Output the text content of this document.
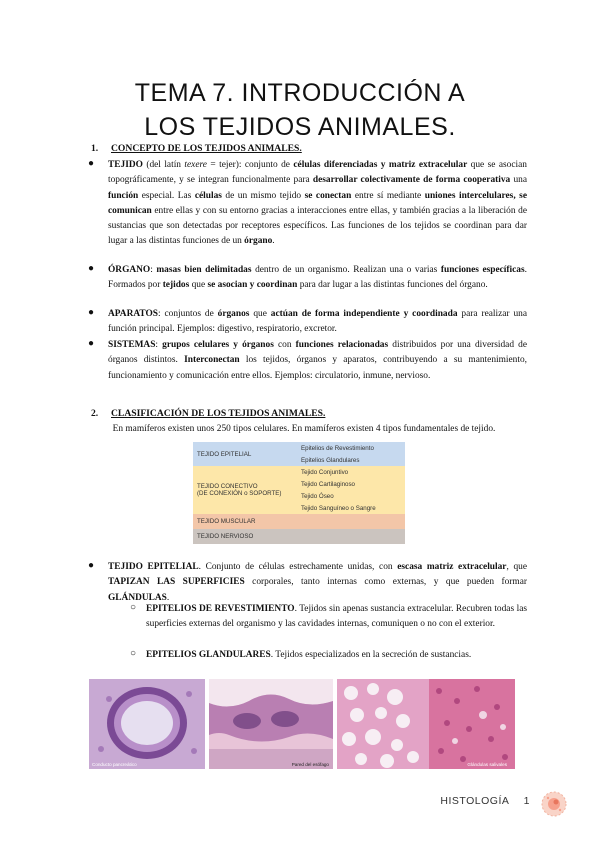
TEMA 7. INTRODUCCIÓN A
LOS TEJIDOS ANIMALES.
1. CONCEPTO DE LOS TEJIDOS ANIMALES.
● TEJIDO (del latín texere = tejer): conjunto de células diferenciadas y matriz extracelular que se asocian topográficamente, y se integran funcionalmente para desarrollar colectivamente de forma cooperativa una función especial. Las células de un mismo tejido se conectan entre sí mediante uniones intercelulares, se comunican entre ellas y con su entorno gracias a interacciones entre ellas, y también gracias a la liberación de sustancias que son detectadas por receptores específicos. Las funciones de los tejidos se coordinan para dar lugar a las distintas funciones de un órgano.
● ÓRGANO: masas bien delimitadas dentro de un organismo. Realizan una o varias funciones específicas. Formados por tejidos que se asocian y coordinan para dar lugar a las distintas funciones del órgano.
● APARATOS: conjuntos de órganos que actúan de forma independiente y coordinada para realizar una función principal. Ejemplos: digestivo, respiratorio, excretor.
● SISTEMAS: grupos celulares y órganos con funciones relacionadas distribuidos por una diversidad de órganos distintos. Interconectan los tejidos, órganos y aparatos, contribuyendo a su mantenimiento, funcionamiento y comunicación entre ellos. Ejemplos: circulatorio, inmune, nervioso.
2. CLASIFICACIÓN DE LOS TEJIDOS ANIMALES.
En mamíferos existen unos 250 tipos celulares. En mamíferos existen 4 tipos fundamentales de tejido.
TEJIDO EPITELIAL	Epitelios de Revestimiento
	Epitelios Glandulares

TEJIDO CONECTIVO
(DE CONEXIÓN o SOPORTE)	Tejido Conjuntivo
	Tejido Cartilaginoso
	Tejido Óseo
	Tejido Sanguíneo o Sangre
TEJIDO MUSCULAR	
TEJIDO NERVIOSO	
● TEJIDO EPITELIAL. Conjunto de células estrechamente unidas, con escasa matriz extracelular, que TAPIZAN LAS SUPERFICIES corporales, tanto internas como externas, y que pueden formar GLÁNDULAS.
○ EPITELIOS DE REVESTIMIENTO. Tejidos sin apenas sustancia extracelular. Recubren todas las superficies externas del organismo y las cavidades internas, comuniquen o no con el exterior.
○ EPITELIOS GLANDULARES. Tejidos especializados en la secreción de sustancias.
Conducto pancreático	Pared del esófago	Glándulas salivales
HISTOLOGÍA 1
